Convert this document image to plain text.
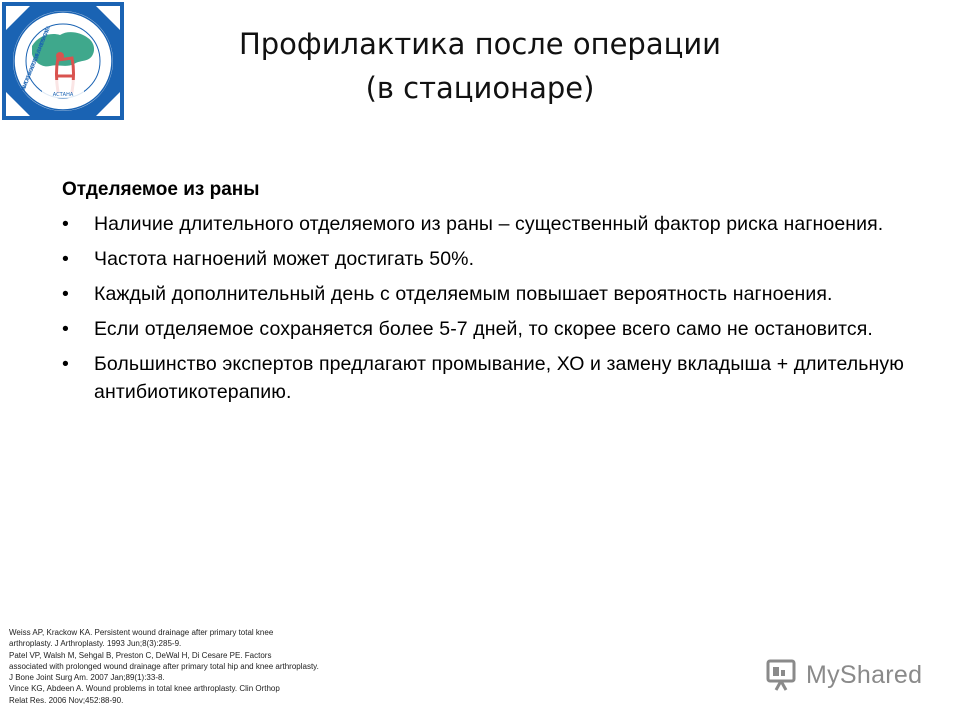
АСТАНА
ТРАВМАТОЛОГИЯ ЖӘНЕ ОРТОПЕДИЯ ҒЫЛЫМИ ЗЕРТТЕУ ИНСТИТУТЫ	Профилактика после операции
(в стационаре)
Отделяемое из раны
•	Наличие длительного отделяемого из раны – существенный фактор риска нагноения.
•	Частота нагноений может достигать 50%.
•	Каждый дополнительный день с отделяемым повышает вероятность нагноения.
•	Если отделяемое сохраняется более 5-7 дней, то скорее всего само не остановится.
•	Большинство экспертов предлагают промывание, ХО и замену вкладыша + длительную антибиотикотерапию.
Weiss AP, Krackow KA. Persistent wound drainage after primary total knee
arthroplasty. J Arthroplasty. 1993 Jun;8(3):285-9.
Patel VP, Walsh M, Sehgal B, Preston C, DeWal H, Di Cesare PE. Factors
associated with prolonged wound drainage after primary total hip and knee arthroplasty.
J Bone Joint Surg Am. 2007 Jan;89(1):33-8.
Vince KG, Abdeen A. Wound problems in total knee arthroplasty. Clin Orthop
Relat Res. 2006 Nov;452:88-90.
MyShared
